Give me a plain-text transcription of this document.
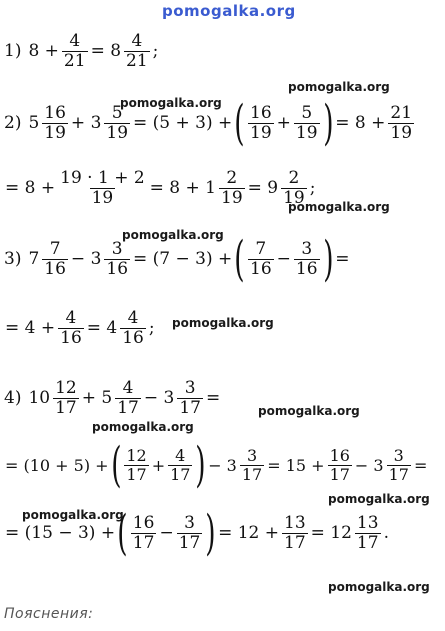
pomogalka.org
pomogalka.org
pomogalka.org
pomogalka.org
pomogalka.org
pomogalka.org
pomogalka.org
pomogalka.org
pomogalka.org
pomogalka.org
pomogalka.org
1) $8 + \frac{4}{21} = 8 \frac{4}{21}$ ;
2) $5 \frac{16}{19} + 3 \frac{5}{19} = (5 + 3)$ + ( $\frac{16}{19} + \frac{5}{19}$ ) = $8 + \frac{21}{19}$
= $8 + \frac{19 \cdot 1 + 2}{19} = 8 + 1 \frac{2}{19} = 9 \frac{2}{19}$ ;
3) $7 \frac{7}{16} - 3 \frac{3}{16} = (7 - 3)$ + ( $\frac{7}{16} - \frac{3}{16}$ ) =
= $4 + \frac{4}{16} = 4 \frac{4}{16}$ ;
4) $10 \frac{12}{17} + 5 \frac{4}{17} - 3 \frac{3}{17}$ =
= (10 + 5) + ( $\frac{12}{17} + \frac{4}{17}$ ) − $3 \frac{3}{17} = 15 + \frac{16}{17} - 3 \frac{3}{17}$ =
= (15 − 3) + ( $\frac{16}{17} - \frac{3}{17}$ ) = $12 + \frac{13}{17} = 12 \frac{13}{17}$ .
Пояснения:
